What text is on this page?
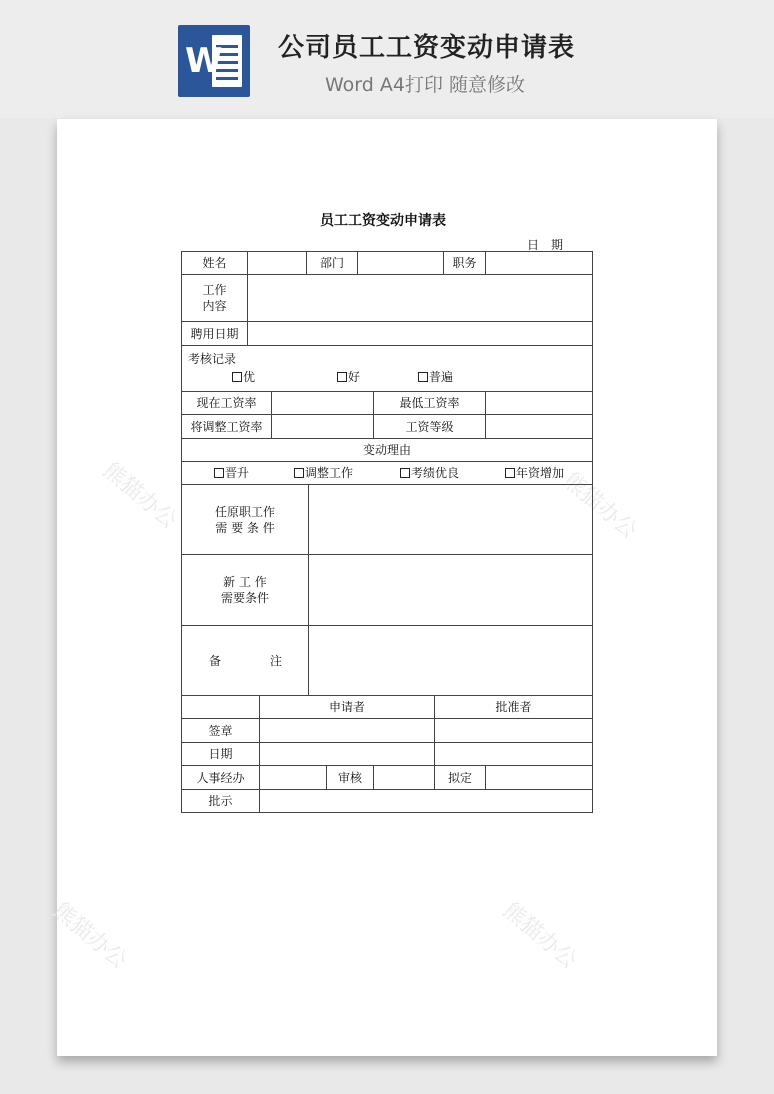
W 公司员工工资变动申请表
Word A4打印 随意修改
熊猫办公	熊猫办公
熊猫办公	熊猫办公
员工工资变动申请表
日　期
姓名		部门		职务	

工作
内容					

聘用日期					

考核记录
优 好 普遍					
现在工资率		最低工资率	
将调整工资率		工资等级	
变动理由			

晋升 调整工作 考绩优良 年资增加			
任原职工作
需 要 条 件	

新 工 作
需要条件	

备 注	

	申请者			批准者	
签章					
日期					
人事经办		审核		拟定	
批示					
